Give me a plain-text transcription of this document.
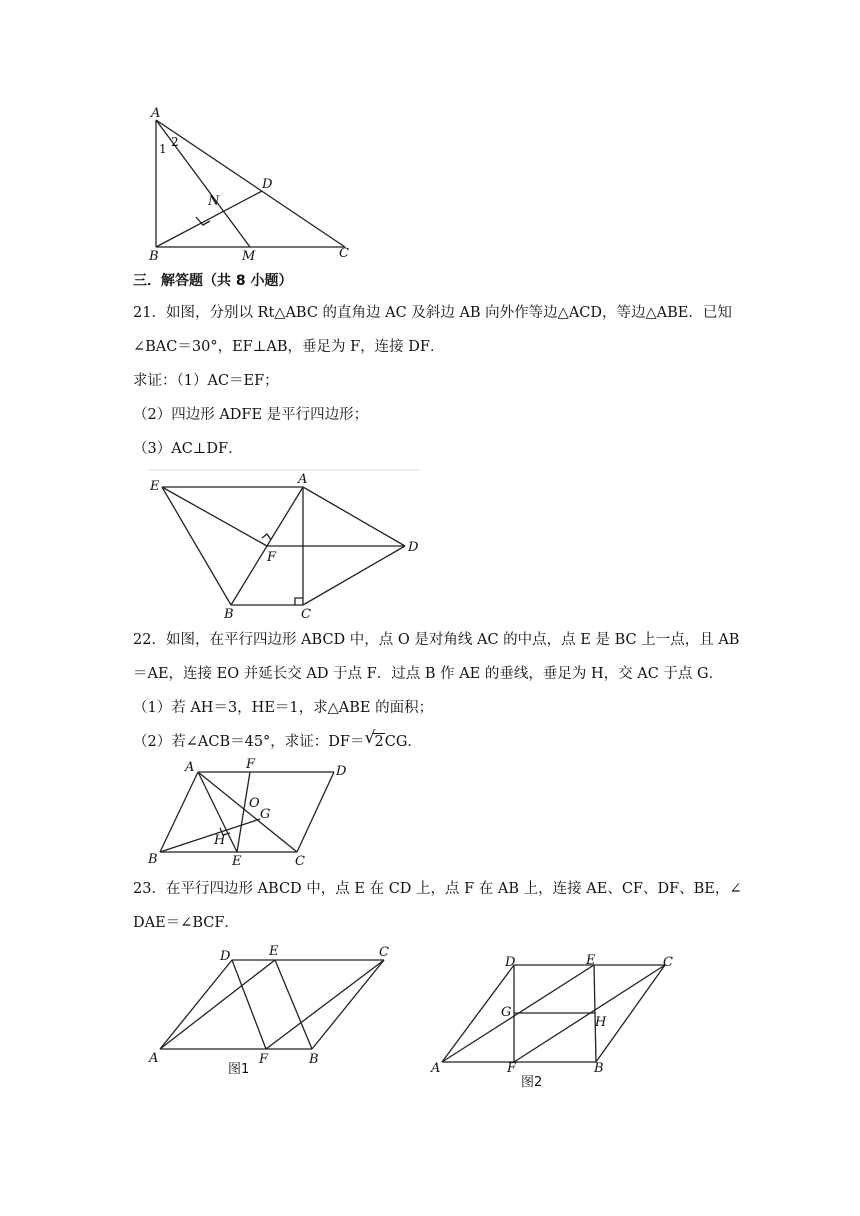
A
B	C
D
M
N
1 2
三．解答题（共 8 小题）
21．如图，分别以 Rt△ABC 的直角边 AC 及斜边 AB 向外作等边△ACD，等边△ABE．已知
∠BAC＝30°，EF⊥AB，垂足为 F，连接 DF．
求证：（1）AC＝EF；
（2）四边形 ADFE 是平行四边形；
（3）AC⊥DF．
E	A
D
F
B	C
22．如图，在平行四边形 ABCD 中，点 O 是对角线 AC 的中点，点 E 是 BC 上一点，且 AB
＝AE，连接 EO 并延长交 AD 于点 F．过点 B 作 AE 的垂线，垂足为 H，交 AC 于点 G．
（1）若 AH＝3，HE＝1，求△ABE 的面积；
（2）若∠ACB＝45°，求证：DF＝ √ 2CG．
A	F	D
O
G
H
B	E	C
23．在平行四边形 ABCD 中，点 E 在 CD 上，点 F 在 AB 上，连接 AE、CF、DF、BE，∠
DAE＝∠BCF．
D	E	C
A	F	B
图1
D	E	C
G
H
A	F	B
图2
